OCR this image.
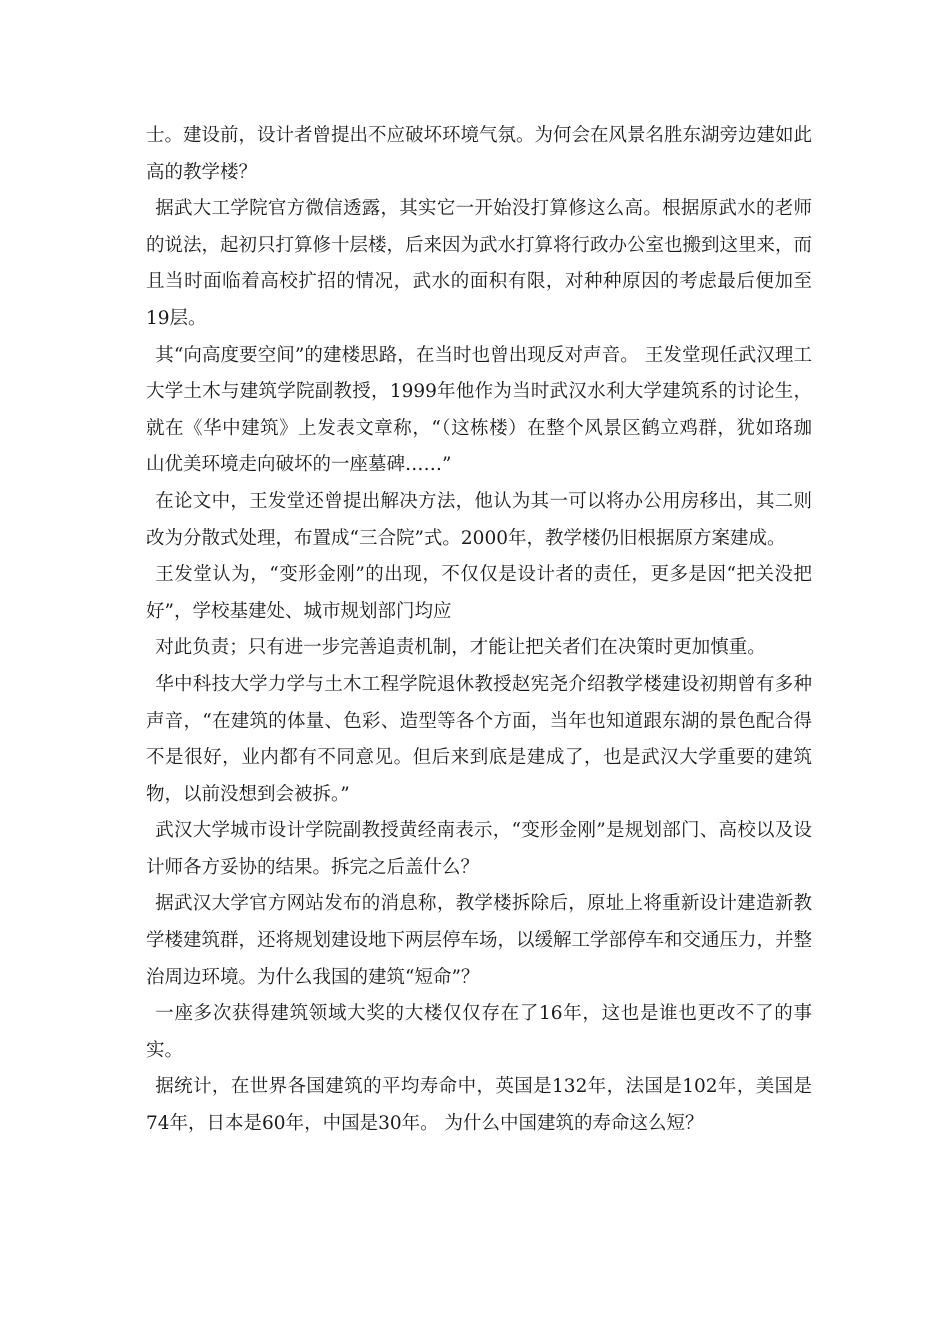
士。建设前，设计者曾提出不应破坏环境气氛。为何会在风景名胜东湖旁边建如此高的教学楼？

据武大工学院官方微信透露，其实它一开始没打算修这么高。根据原武水的老师的说法，起初只打算修十层楼，后来因为武水打算将行政办公室也搬到这里来，而且当时面临着高校扩招的情况，武水的面积有限，对种种原因的考虑最后便加至19层。

其“向高度要空间”的建楼思路，在当时也曾出现反对声音。 王发堂现任武汉理工大学土木与建筑学院副教授，1999年他作为当时武汉水利大学建筑系的讨论生，就在《华中建筑》上发表文章称，“（这栋楼）在整个风景区鹤立鸡群，犹如珞珈山优美环境走向破坏的一座墓碑……”

在论文中，王发堂还曾提出解决方法，他认为其一可以将办公用房移出，其二则改为分散式处理，布置成“三合院”式。2000年，教学楼仍旧根据原方案建成。

王发堂认为，“变形金刚”的出现，不仅仅是设计者的责任，更多是因“把关没把好”，学校基建处、城市规划部门均应

对此负责；只有进一步完善追责机制，才能让把关者们在决策时更加慎重。

华中科技大学力学与土木工程学院退休教授赵宪尧介绍教学楼建设初期曾有多种声音，“在建筑的体量、色彩、造型等各个方面，当年也知道跟东湖的景色配合得不是很好，业内都有不同意见。但后来到底是建成了，也是武汉大学重要的建筑物，以前没想到会被拆。”

武汉大学城市设计学院副教授黄经南表示，“变形金刚”是规划部门、高校以及设计师各方妥协的结果。拆完之后盖什么？

据武汉大学官方网站发布的消息称，教学楼拆除后，原址上将重新设计建造新教学楼建筑群，还将规划建设地下两层停车场，以缓解工学部停车和交通压力，并整治周边环境。为什么我国的建筑“短命”？

一座多次获得建筑领域大奖的大楼仅仅存在了16年，这也是谁也更改不了的事实。

据统计，在世界各国建筑的平均寿命中，英国是132年，法国是102年，美国是74年，日本是60年，中国是30年。 为什么中国建筑的寿命这么短？
